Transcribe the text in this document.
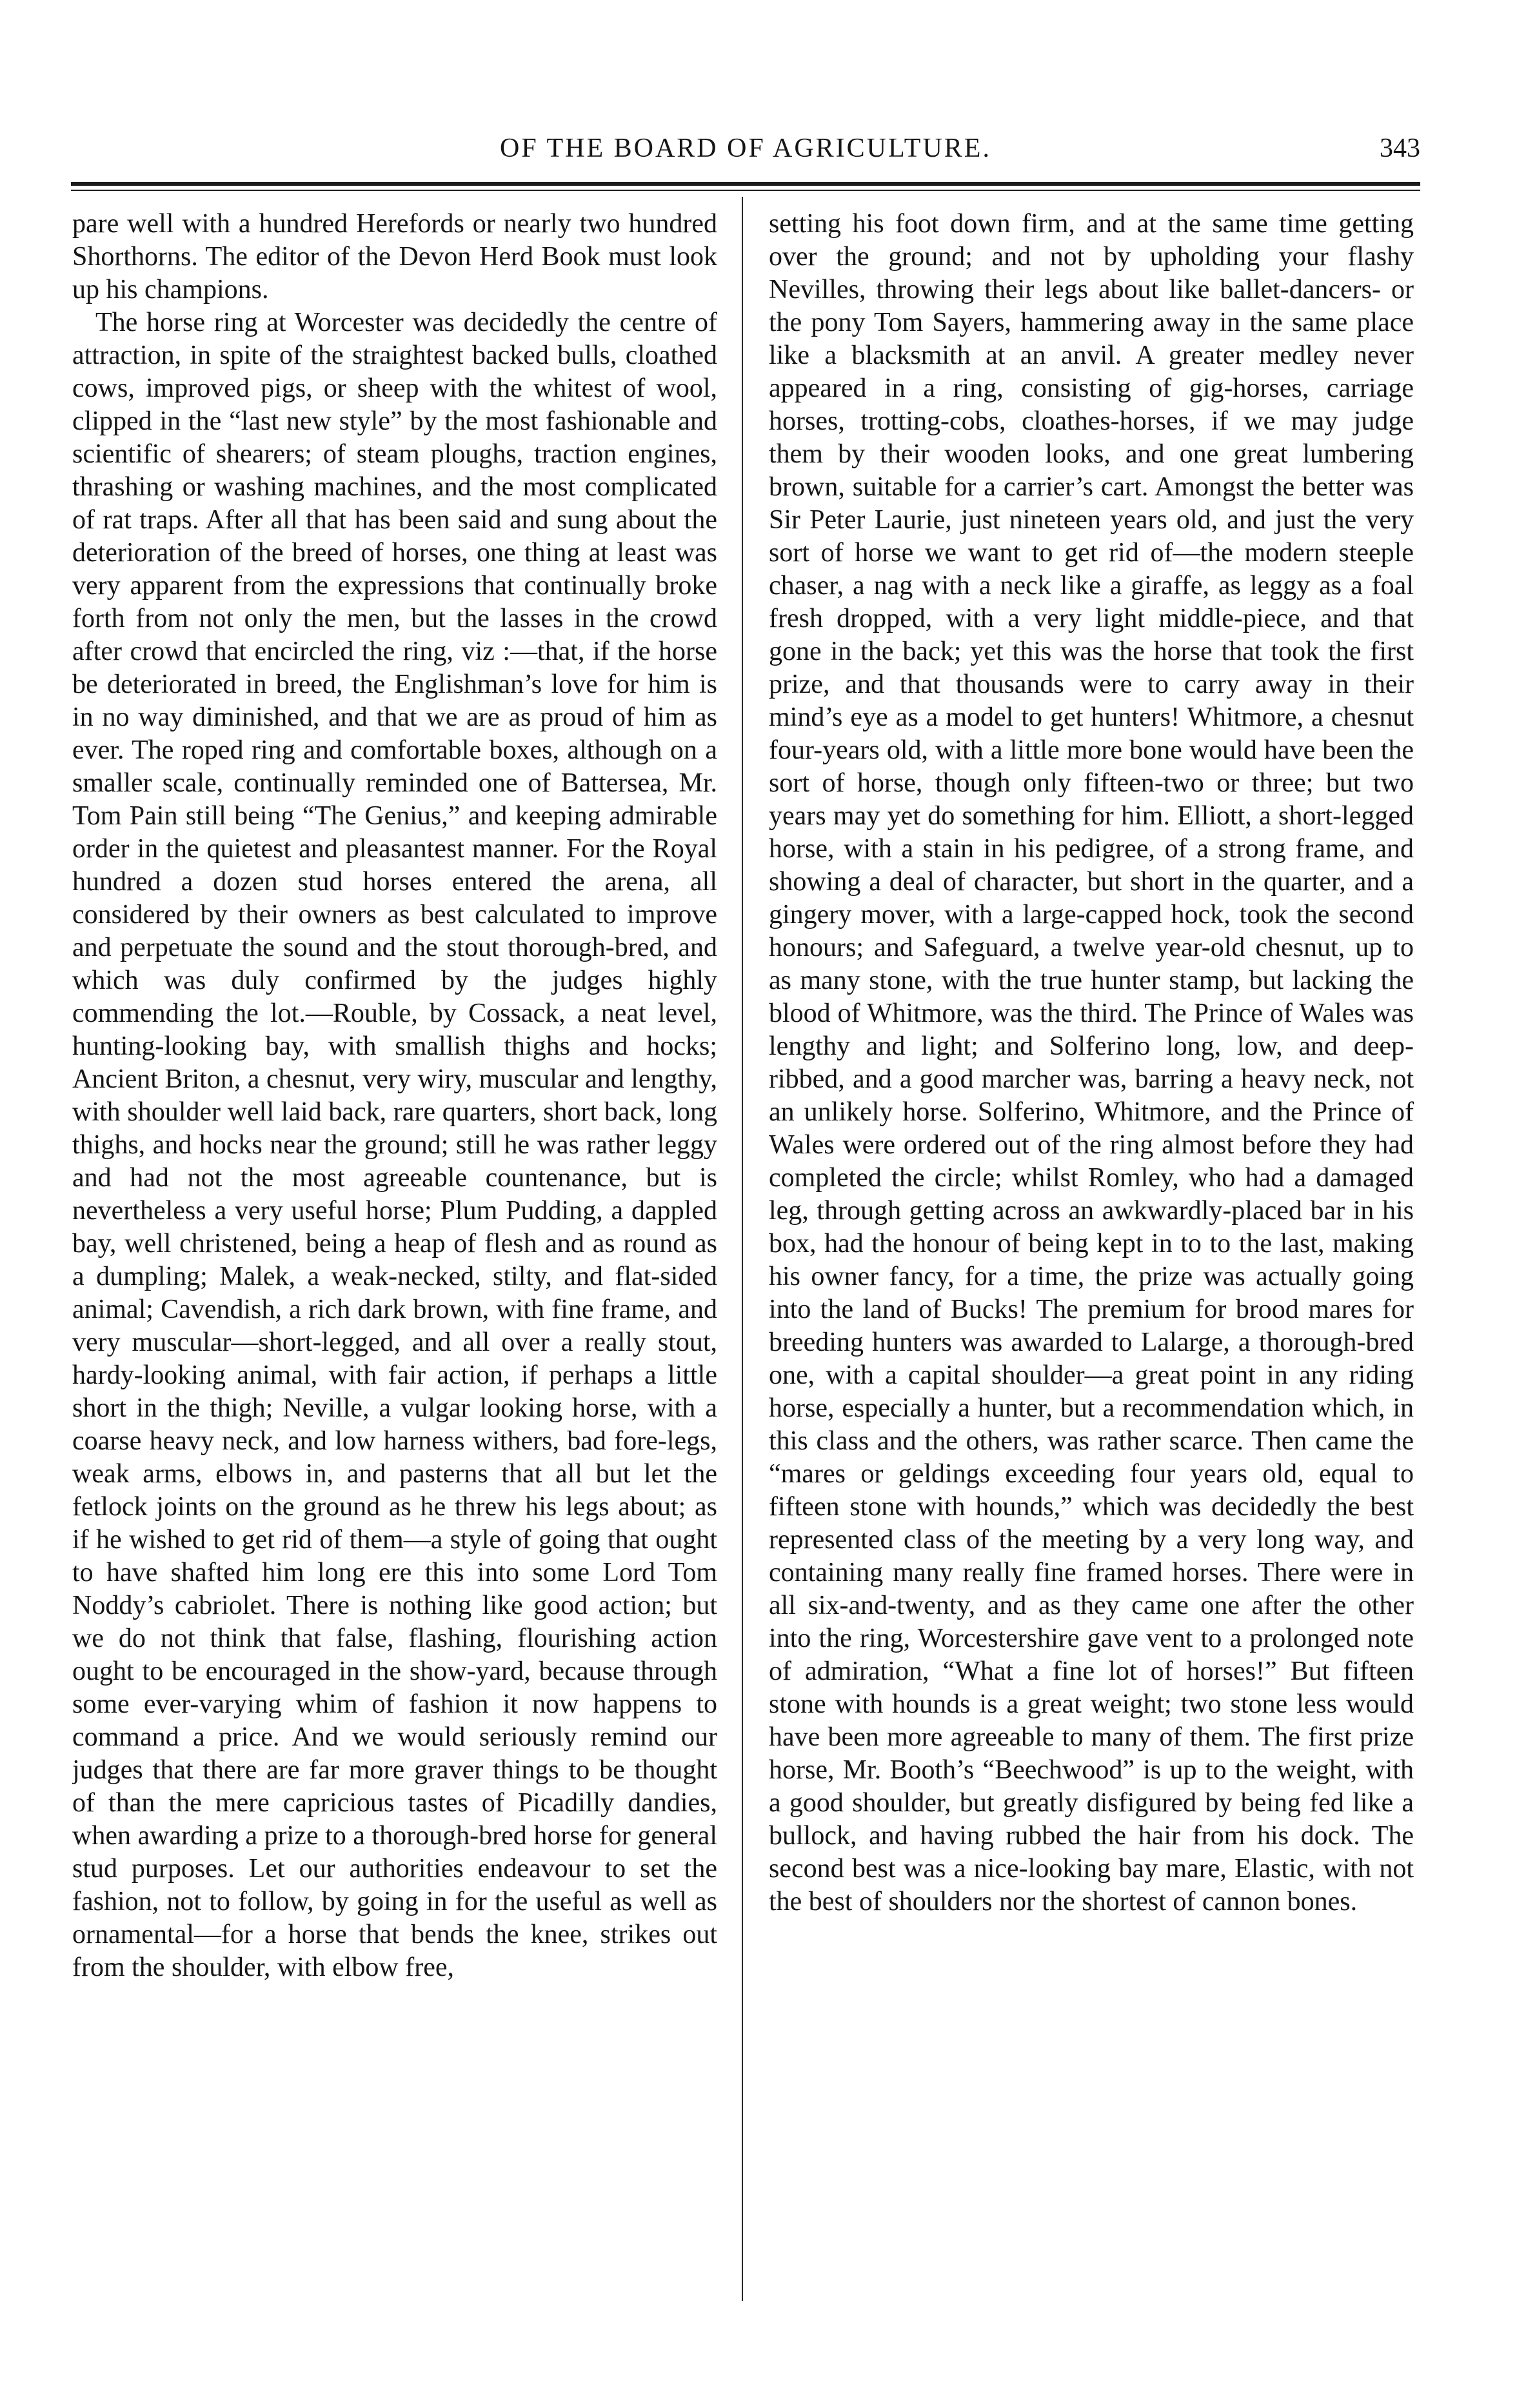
OF THE BOARD OF AGRICULTURE.	343

pare well with a hundred Herefords or nearly two hundred Shorthorns. The editor of the Devon Herd Book must look up his champions.

The horse ring at Worcester was decidedly the centre of attraction, in spite of the straightest backed bulls, cloathed cows, improved pigs, or sheep with the whitest of wool, clipped in the “last new style” by the most fashionable and scientific of shearers; of steam ploughs, traction engines, thrashing or washing machines, and the most complicated of rat traps. After all that has been said and sung about the deterioration of the breed of horses, one thing at least was very apparent from the expressions that continually broke forth from not only the men, but the lasses in the crowd after crowd that encircled the ring, viz :—that, if the horse be deteriorated in breed, the Englishman’s love for him is in no way diminished, and that we are as proud of him as ever. The roped ring and comfortable boxes, although on a smaller scale, continually reminded one of Battersea, Mr. Tom Pain still being “The Genius,” and keeping admirable order in the quietest and pleasantest manner. For the Royal hundred a dozen stud horses entered the arena, all considered by their owners as best calculated to improve and perpetuate the sound and the stout thorough-bred, and which was duly confirmed by the judges highly commending the lot.—Rouble, by Cossack, a neat level, hunting-looking bay, with smallish thighs and hocks; Ancient Briton, a chesnut, very wiry, muscular and lengthy, with shoulder well laid back, rare quarters, short back, long thighs, and hocks near the ground; still he was rather leggy and had not the most agreeable countenance, but is nevertheless a very useful horse; Plum Pudding, a dappled bay, well christened, being a heap of flesh and as round as a dumpling; Malek, a weak-necked, stilty, and flat-sided animal; Cavendish, a rich dark brown, with fine frame, and very muscular—short-legged, and all over a really stout, hardy-looking animal, with fair action, if perhaps a little short in the thigh; Neville, a vulgar looking horse, with a coarse heavy neck, and low harness withers, bad fore-legs, weak arms, elbows in, and pasterns that all but let the fetlock joints on the ground as he threw his legs about; as if he wished to get rid of them—a style of going that ought to have shafted him long ere this into some Lord Tom Noddy’s cabriolet. There is nothing like good action; but we do not think that false, flashing, flourishing action ought to be encouraged in the show-yard, because through some ever-varying whim of fashion it now happens to command a price. And we would seriously remind our judges that there are far more graver things to be thought of than the mere capricious tastes of Picadilly dandies, when awarding a prize to a thorough-bred horse for general stud purposes. Let our authorities endeavour to set the fashion, not to follow, by going in for the useful as well as ornamental—for a horse that bends the knee, strikes out from the shoulder, with elbow free,

setting his foot down firm, and at the same time getting over the ground; and not by upholding your flashy Nevilles, throwing their legs about like ballet-dancers- or the pony Tom Sayers, hammering away in the same place like a blacksmith at an anvil. A greater medley never appeared in a ring, consisting of gig-horses, carriage horses, trotting-cobs, cloathes-horses, if we may judge them by their wooden looks, and one great lumbering brown, suitable for a carrier’s cart. Amongst the better was Sir Peter Laurie, just nineteen years old, and just the very sort of horse we want to get rid of—the modern steeple chaser, a nag with a neck like a giraffe, as leggy as a foal fresh dropped, with a very light middle-piece, and that gone in the back; yet this was the horse that took the first prize, and that thousands were to carry away in their mind’s eye as a model to get hunters! Whitmore, a chesnut four-years old, with a little more bone would have been the sort of horse, though only fifteen-two or three; but two years may yet do something for him. Elliott, a short-legged horse, with a stain in his pedigree, of a strong frame, and showing a deal of character, but short in the quarter, and a gingery mover, with a large-capped hock, took the second honours; and Safeguard, a twelve year-old chesnut, up to as many stone, with the true hunter stamp, but lacking the blood of Whitmore, was the third. The Prince of Wales was lengthy and light; and Solferino long, low, and deep-ribbed, and a good marcher was, barring a heavy neck, not an unlikely horse. Solferino, Whitmore, and the Prince of Wales were ordered out of the ring almost before they had completed the circle; whilst Romley, who had a damaged leg, through getting across an awkwardly-placed bar in his box, had the honour of being kept in to to the last, making his owner fancy, for a time, the prize was actually going into the land of Bucks! The premium for brood mares for breeding hunters was awarded to Lalarge, a thorough-bred one, with a capital shoulder—a great point in any riding horse, especially a hunter, but a recommendation which, in this class and the others, was rather scarce. Then came the “mares or geldings exceeding four years old, equal to fifteen stone with hounds,” which was decidedly the best represented class of the meeting by a very long way, and containing many really fine framed horses. There were in all six-and-twenty, and as they came one after the other into the ring, Worcestershire gave vent to a prolonged note of admiration, “What a fine lot of horses!” But fifteen stone with hounds is a great weight; two stone less would have been more agreeable to many of them. The first prize horse, Mr. Booth’s “Beechwood” is up to the weight, with a good shoulder, but greatly disfigured by being fed like a bullock, and having rubbed the hair from his dock. The second best was a nice-looking bay mare, Elastic, with not the best of shoulders nor the shortest of cannon bones.
